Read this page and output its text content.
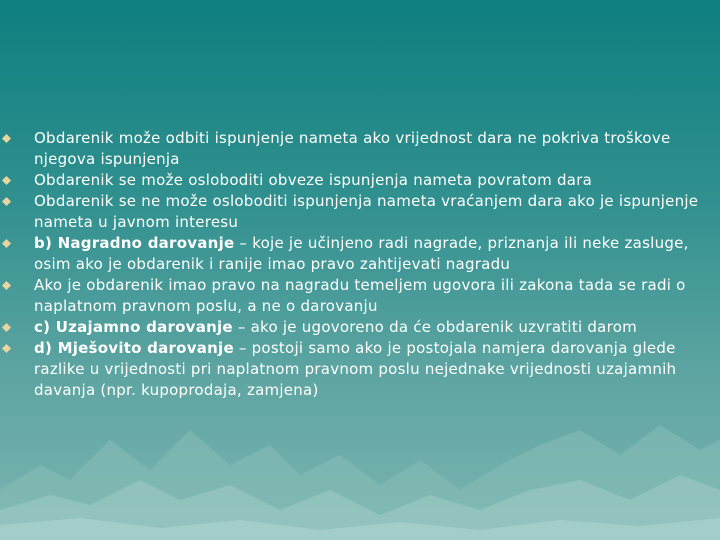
Obdarenik može odbiti ispunjenje nameta ako vrijednost dara ne pokriva troškove njegova ispunjenja
Obdarenik se može osloboditi obveze ispunjenja nameta povratom dara
Obdarenik se ne može osloboditi ispunjenja nameta vraćanjem dara ako je ispunjenje nameta u javnom interesu
b) Nagradno darovanje – koje je učinjeno radi nagrade, priznanja ili neke zasluge, osim ako je obdarenik i ranije imao pravo zahtijevati nagradu
Ako je obdarenik imao pravo na nagradu temeljem ugovora ili zakona tada se radi o naplatnom pravnom poslu, a ne o darovanju
c) Uzajamno darovanje – ako je ugovoreno da će obdarenik uzvratiti darom
d) Mješovito darovanje – postoji samo ako je postojala namjera darovanja glede razlike u vrijednosti pri naplatnom pravnom poslu nejednake vrijednosti uzajamnih davanja (npr. kupoprodaja, zamjena)
